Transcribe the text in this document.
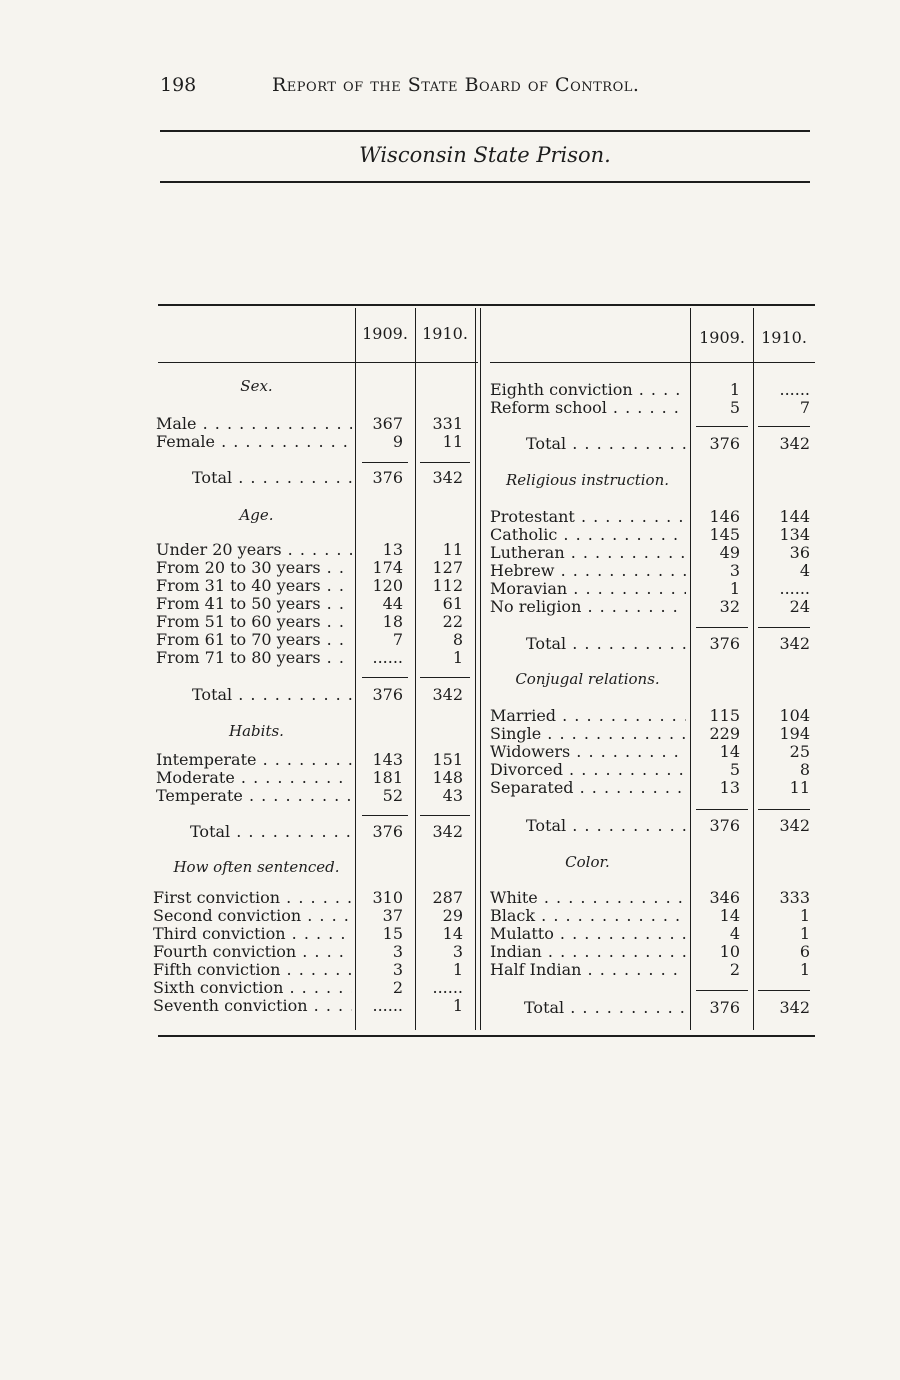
198	Report of the State Board of Control.
Wisconsin State Prison.
1909. 1910.	1909.	1910.
Sex.
Male . . .	367	331
Female . . .	9	11
Total . . .	376	342
Age.
Under 20 years . . .	13	11
From 20 to 30 years . . .	174	127
From 31 to 40 years . . .	120	112
From 41 to 50 years . . .	44	61
From 51 to 60 years . . .	18	22
From 61 to 70 years . . .	7	8
From 71 to 80 years . . .	......	1
Total . . .	376	342
Habits.
Intemperate . . .	143	151
Moderate . . .	181	148
Temperate . . .	52	43
Total . . .	376	342
How often sentenced.
First conviction . . .	310	287
Second conviction . . .	37	29
Third conviction . . .	15	14
Fourth conviction . . .	3	3
Fifth conviction . . .	3	1
Sixth conviction . . .	2	......
Seventh conviction . . .	......	1
Eighth conviction . . .	1	......
Reform school . . .	5	7
Total . . .	376	342
Religious instruction.
Protestant . . .	146	144
Catholic . . .	145	134
Lutheran . . .	49	36
Hebrew . . .	3	4
Moravian . . .	1	......
No religion . . .	32	24
Total . . .	376	342
Conjugal relations.
Married . . .	115	104
Single . . .	229	194
Widowers . . .	14	25
Divorced . . .	5	8
Separated . . .	13	11
Total . . .	376	342
Color.
White . . .	346	333
Black . . .	14	1
Mulatto . . .	4	1
Indian . . .	10	6
Half Indian . . .	2	1
Total . . .	376	342
